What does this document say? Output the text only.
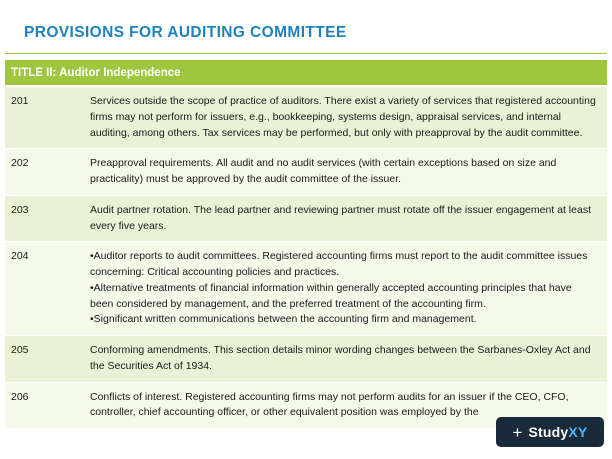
PROVISIONS FOR AUDITING COMMITTEE
TITLE II: Auditor Independence
201	Services outside the scope of practice of auditors. There exist a variety of services that registered accounting firms may not perform for issuers, e.g., bookkeeping, systems design, appraisal services, and internal auditing, among others. Tax services may be performed, but only with preapproval by the audit committee.

202	Preapproval requirements. All audit and no audit services (with certain exceptions based on size and practicality) must be approved by the audit committee of the issuer.

203	Audit partner rotation. The lead partner and reviewing partner must rotate off the issuer engagement at least every five years.

204	•Auditor reports to audit committees. Registered accounting firms must report to the audit committee issues concerning: Critical accounting policies and practices.

•Alternative treatments of financial information within generally accepted accounting principles that have been considered by management, and the preferred treatment of the accounting firm.

•Significant written communications between the accounting firm and management.

205	Conforming amendments. This section details minor wording changes between the Sarbanes-Oxley Act and the Securities Act of 1934.

206	Conflicts of interest. Registered accounting firms may not perform audits for an issuer if the CEO, CFO, controller, chief accounting officer, or other equivalent position was employed by the

+ StudyXY
